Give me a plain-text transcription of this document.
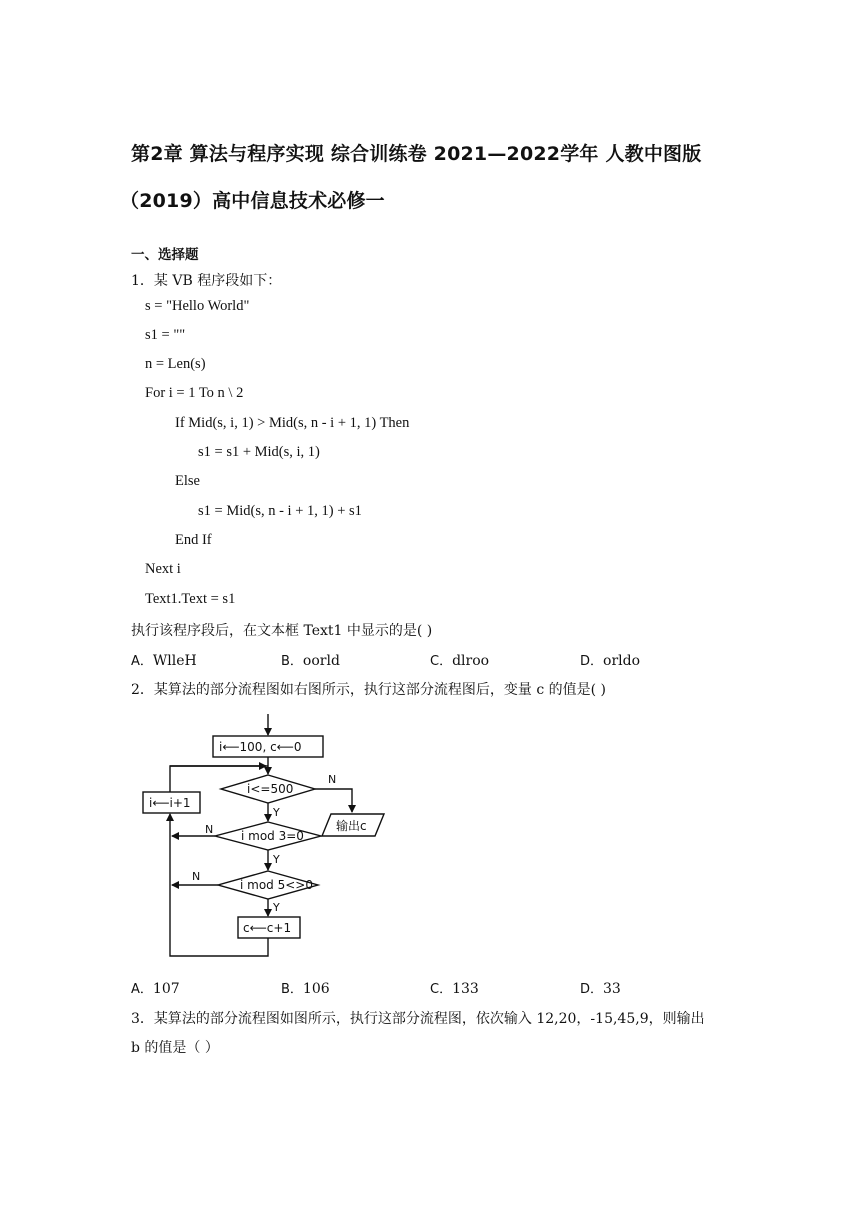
第2章 算法与程序实现 综合训练卷 2021—2022学年 人教中图版
（2019）高中信息技术必修一
一、选择题
1．某 VB 程序段如下：
s = "Hello World"
s1 = ""
n = Len(s)
For i = 1 To n \ 2
If Mid(s, i, 1) > Mid(s, n - i + 1, 1) Then
s1 = s1 + Mid(s, i, 1)
Else
s1 = Mid(s, n - i + 1, 1) + s1
End If
Next i
Text1.Text = s1
执行该程序段后，在文本框 Text1 中显示的是( )
A．WlleH	B．oorld	C．dlroo	D．orldo
2．某算法的部分流程图如右图所示，执行这部分流程图后，变量 c 的值是( )
i⟵100, c⟵0
i<=500
i mod 3=0
i mod 5<>0
i⟵i+1
c⟵c+1
输出c
N
Y
N
Y
N
Y
A．107	B．106	C．133	D．33
3．某算法的部分流程图如图所示，执行这部分流程图，依次输入 12,20，-15,45,9，则输出
b 的值是（ ）
